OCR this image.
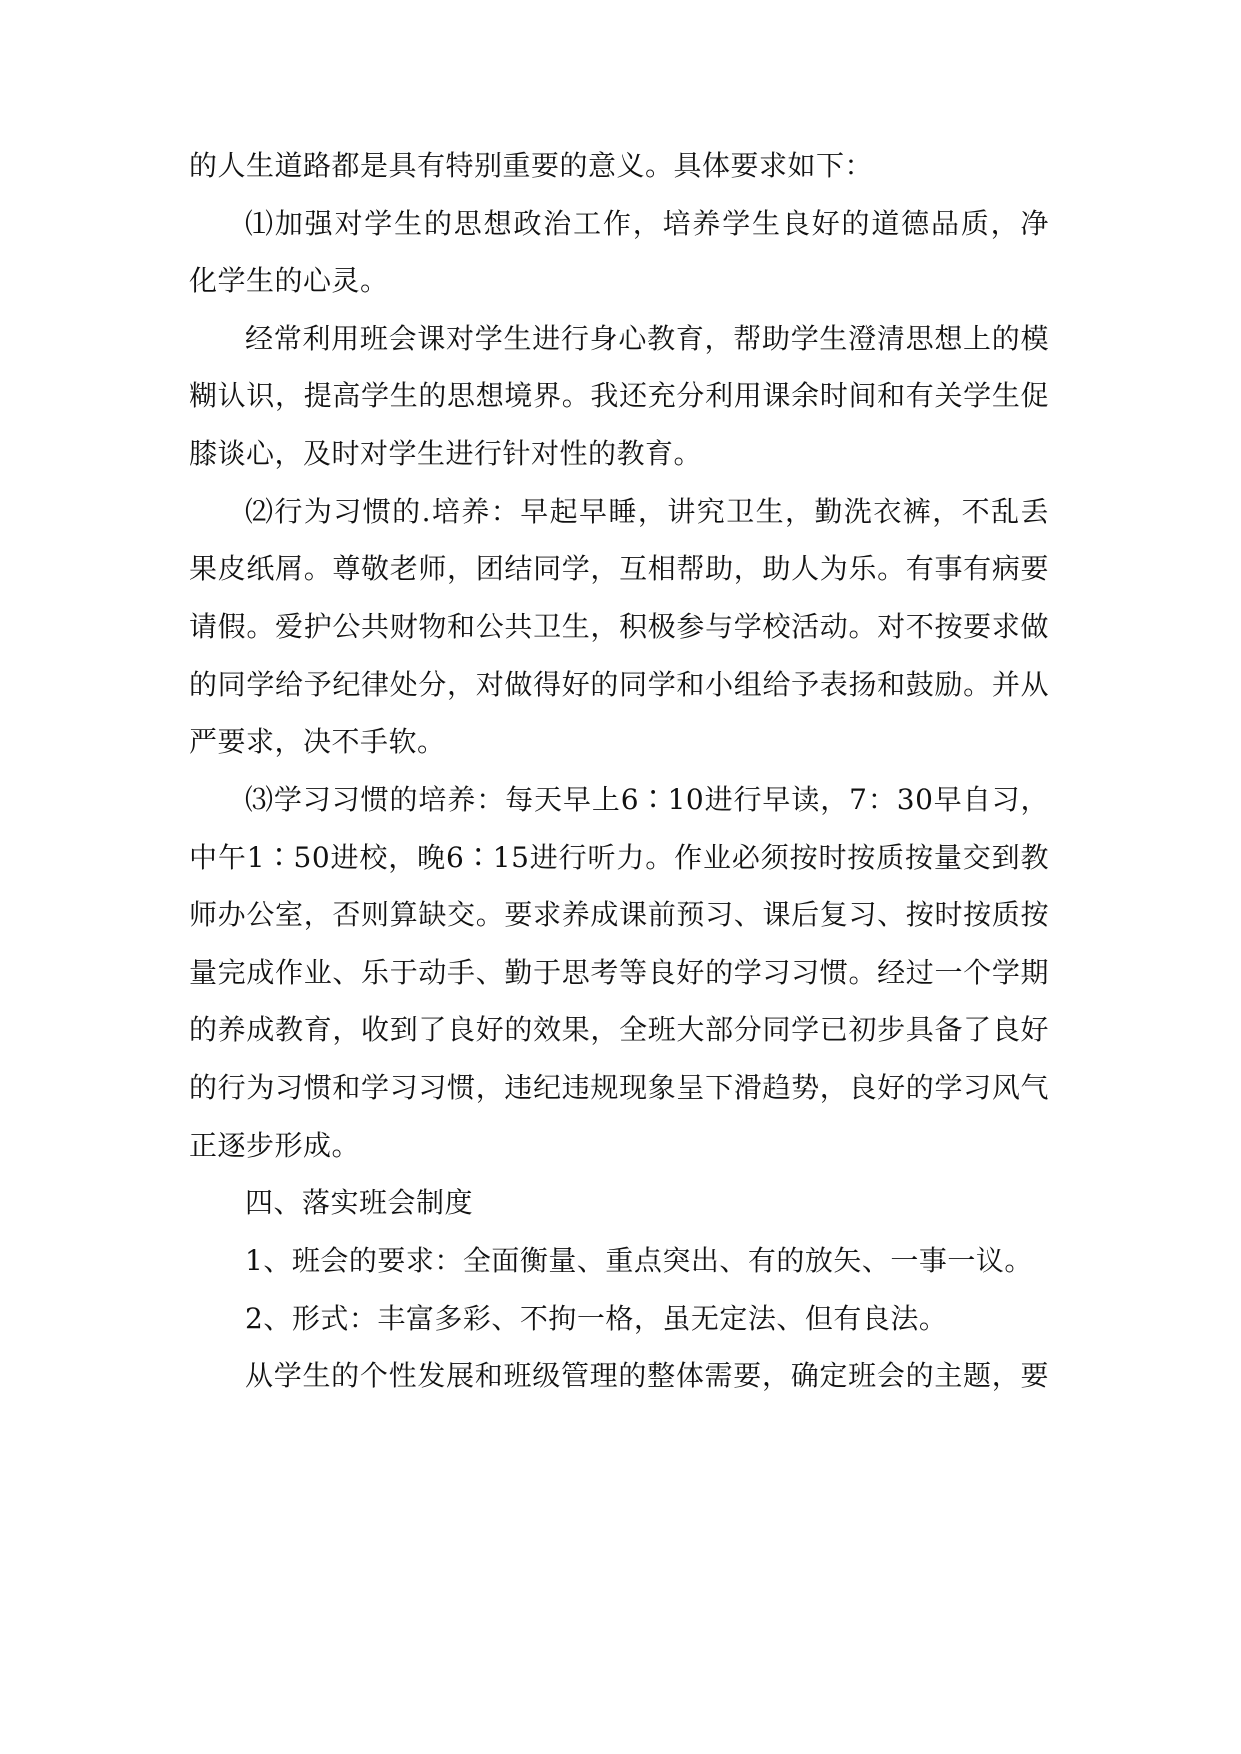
的人生道路都是具有特别重要的意义。具体要求如下：
⑴加强对学生的思想政治工作，培养学生良好的道德品质，净
化学生的心灵。
经常利用班会课对学生进行身心教育，帮助学生澄清思想上的模
糊认识，提高学生的思想境界。我还充分利用课余时间和有关学生促
膝谈心，及时对学生进行针对性的教育。
⑵行为习惯的.培养：早起早睡，讲究卫生，勤洗衣裤，不乱丢
果皮纸屑。尊敬老师，团结同学，互相帮助，助人为乐。有事有病要
请假。爱护公共财物和公共卫生，积极参与学校活动。对不按要求做
的同学给予纪律处分，对做得好的同学和小组给予表扬和鼓励。并从
严要求，决不手软。
⑶学习习惯的培养：每天早上6∶10进行早读，7：30早自习，
中午1∶50进校，晚6∶15进行听力。作业必须按时按质按量交到教
师办公室，否则算缺交。要求养成课前预习、课后复习、按时按质按
量完成作业、乐于动手、勤于思考等良好的学习习惯。经过一个学期
的养成教育，收到了良好的效果，全班大部分同学已初步具备了良好
的行为习惯和学习习惯，违纪违规现象呈下滑趋势，良好的学习风气
正逐步形成。
四、落实班会制度
1、班会的要求：全面衡量、重点突出、有的放矢、一事一议。
2、形式：丰富多彩、不拘一格，虽无定法、但有良法。
从学生的个性发展和班级管理的整体需要，确定班会的主题，要
